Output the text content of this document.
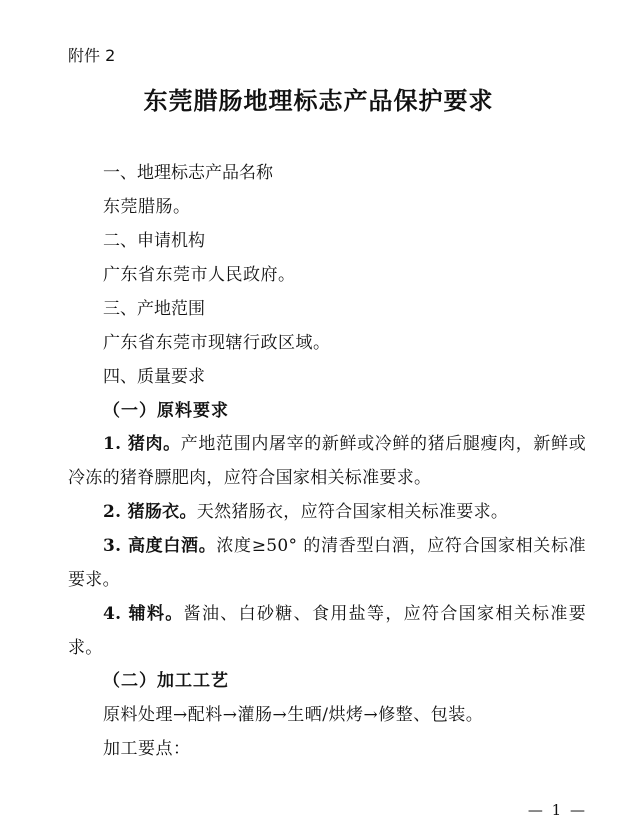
附件 2
东莞腊肠地理标志产品保护要求
一、地理标志产品名称
东莞腊肠。
二、申请机构
广东省东莞市人民政府。
三、产地范围
广东省东莞市现辖行政区域。
四、质量要求
（一）原料要求
1. 猪肉。产地范围内屠宰的新鲜或冷鲜的猪后腿瘦肉，新鲜或冷冻的猪脊膘肥肉，应符合国家相关标准要求。
2. 猪肠衣。天然猪肠衣，应符合国家相关标准要求。
3. 高度白酒。浓度≥50° 的清香型白酒，应符合国家相关标准要求。
4. 辅料。酱油、白砂糖、食用盐等，应符合国家相关标准要求。
（二）加工工艺
原料处理→配料→灌肠→生晒/烘烤→修整、包装。
加工要点：
— 1 —
